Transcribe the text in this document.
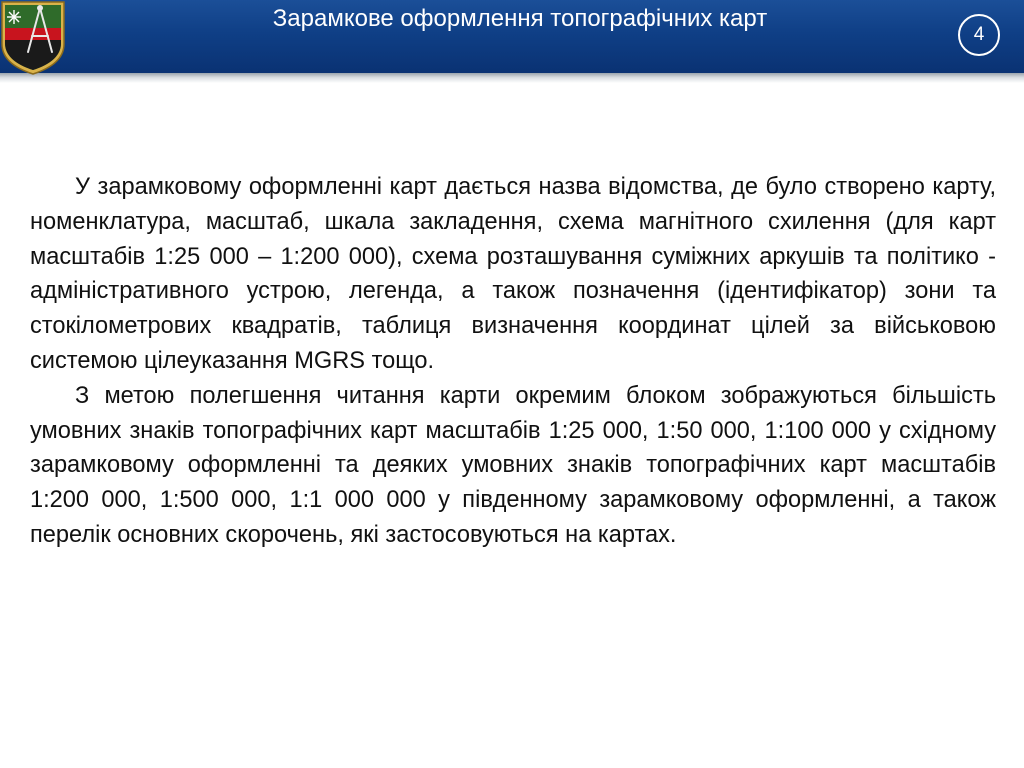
Зарамкове оформлення топографічних карт
4

У зарамковому оформленні карт дається назва відомства, де було створено карту, номенклатура, масштаб, шкала закладення, схема магнітного схилення (для карт масштабів 1:25 000 – 1:200 000), схема розташування суміжних аркушів та політико - адміністративного устрою, легенда, а також позначення (ідентифікатор) зони та стокілометрових квадратів, таблиця визначення координат цілей за військовою системою цілеуказання MGRS тощо.

З метою полегшення читання карти окремим блоком зображуються більшість умовних знаків топографічних карт масштабів 1:25 000, 1:50 000, 1:100 000 у східному зарамковому оформленні та деяких умовних знаків топографічних карт масштабів 1:200 000, 1:500 000, 1:1 000 000 у південному зарамковому оформленні, а також перелік основних скорочень, які застосовуються на картах.
